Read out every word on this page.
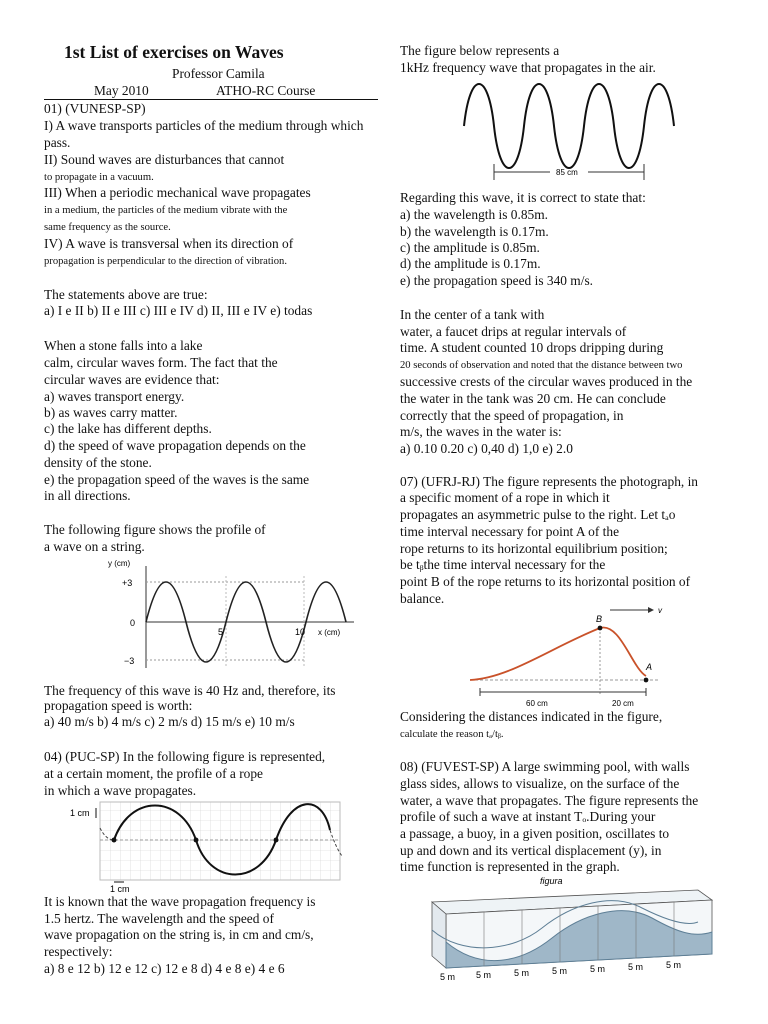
1st List of exercises on Waves
Professor Camila
May 2010	ATHO-RC Course
01) (VUNESP-SP)
I) A wave transports particles of the medium through which
pass.
II) Sound waves are disturbances that cannot
to propagate in a vacuum.
III) When a periodic mechanical wave propagates
in a medium, the particles of the medium vibrate with the
same frequency as the source.
IV) A wave is transversal when its direction of
propagation is perpendicular to the direction of vibration.
The statements above are true:
a) I e II b) II e III c) III e IV d) II, III e IV e) todas
When a stone falls into a lake
calm, circular waves form. The fact that the
circular waves are evidence that:
a) waves transport energy.
b) as waves carry matter.
c) the lake has different depths.
d) the speed of wave propagation depends on the
density of the stone.
e) the propagation speed of the waves is the same
in all directions.
The following figure shows the profile of
a wave on a string.
y (cm)
+3
0
−3
5	10 x (cm)
The frequency of this wave is 40 Hz and, therefore, its
propagation speed is worth:
a) 40 m/s b) 4 m/s c) 2 m/s d) 15 m/s e) 10 m/s
04) (PUC-SP) In the following figure is represented,
at a certain moment, the profile of a rope
in which a wave propagates.
1 cm
1 cm
It is known that the wave propagation frequency is
1.5 hertz. The wavelength and the speed of
wave propagation on the string is, in cm and cm/s,
respectively:
a) 8 e 12 b) 12 e 12 c) 12 e 8 d) 4 e 8 e) 4 e 6
The figure below represents a
1kHz frequency wave that propagates in the air.
85 cm
Regarding this wave, it is correct to state that:
a) the wavelength is 0.85m.
b) the wavelength is 0.17m.
c) the amplitude is 0.85m.
d) the amplitude is 0.17m.
e) the propagation speed is 340 m/s.
In the center of a tank with
water, a faucet drips at regular intervals of
time. A student counted 10 drops dripping during
20 seconds of observation and noted that the distance between two
successive crests of the circular waves produced in the
the water in the tank was 20 cm. He can conclude
correctly that the speed of propagation, in
m/s, the waves in the water is:
a) 0.10 0.20 c) 0,40 d) 1,0 e) 2.0
07) (UFRJ-RJ) The figure represents the photograph, in
a specific moment of a rope in which it
propagates an asymmetric pulse to the right. Let tₐo
time interval necessary for point A of the
rope returns to its horizontal equilibrium position;
be tᵦthe time interval necessary for the
point B of the rope returns to its horizontal position of
balance.
B
A
v
60 cm	20 cm
Considering the distances indicated in the figure,
calculate the reason tₐ/tᵦ.
08) (FUVEST-SP) A large swimming pool, with walls
glass sides, allows to visualize, on the surface of the
water, a wave that propagates. The figure represents the
profile of such a wave at instant Tₒ.During your
a passage, a buoy, in a given position, oscillates to
up and down and its vertical displacement (y), in
time function is represented in the graph.
figura
5 m 5 m	5 m	5 m	5 m	5 m	5 m
